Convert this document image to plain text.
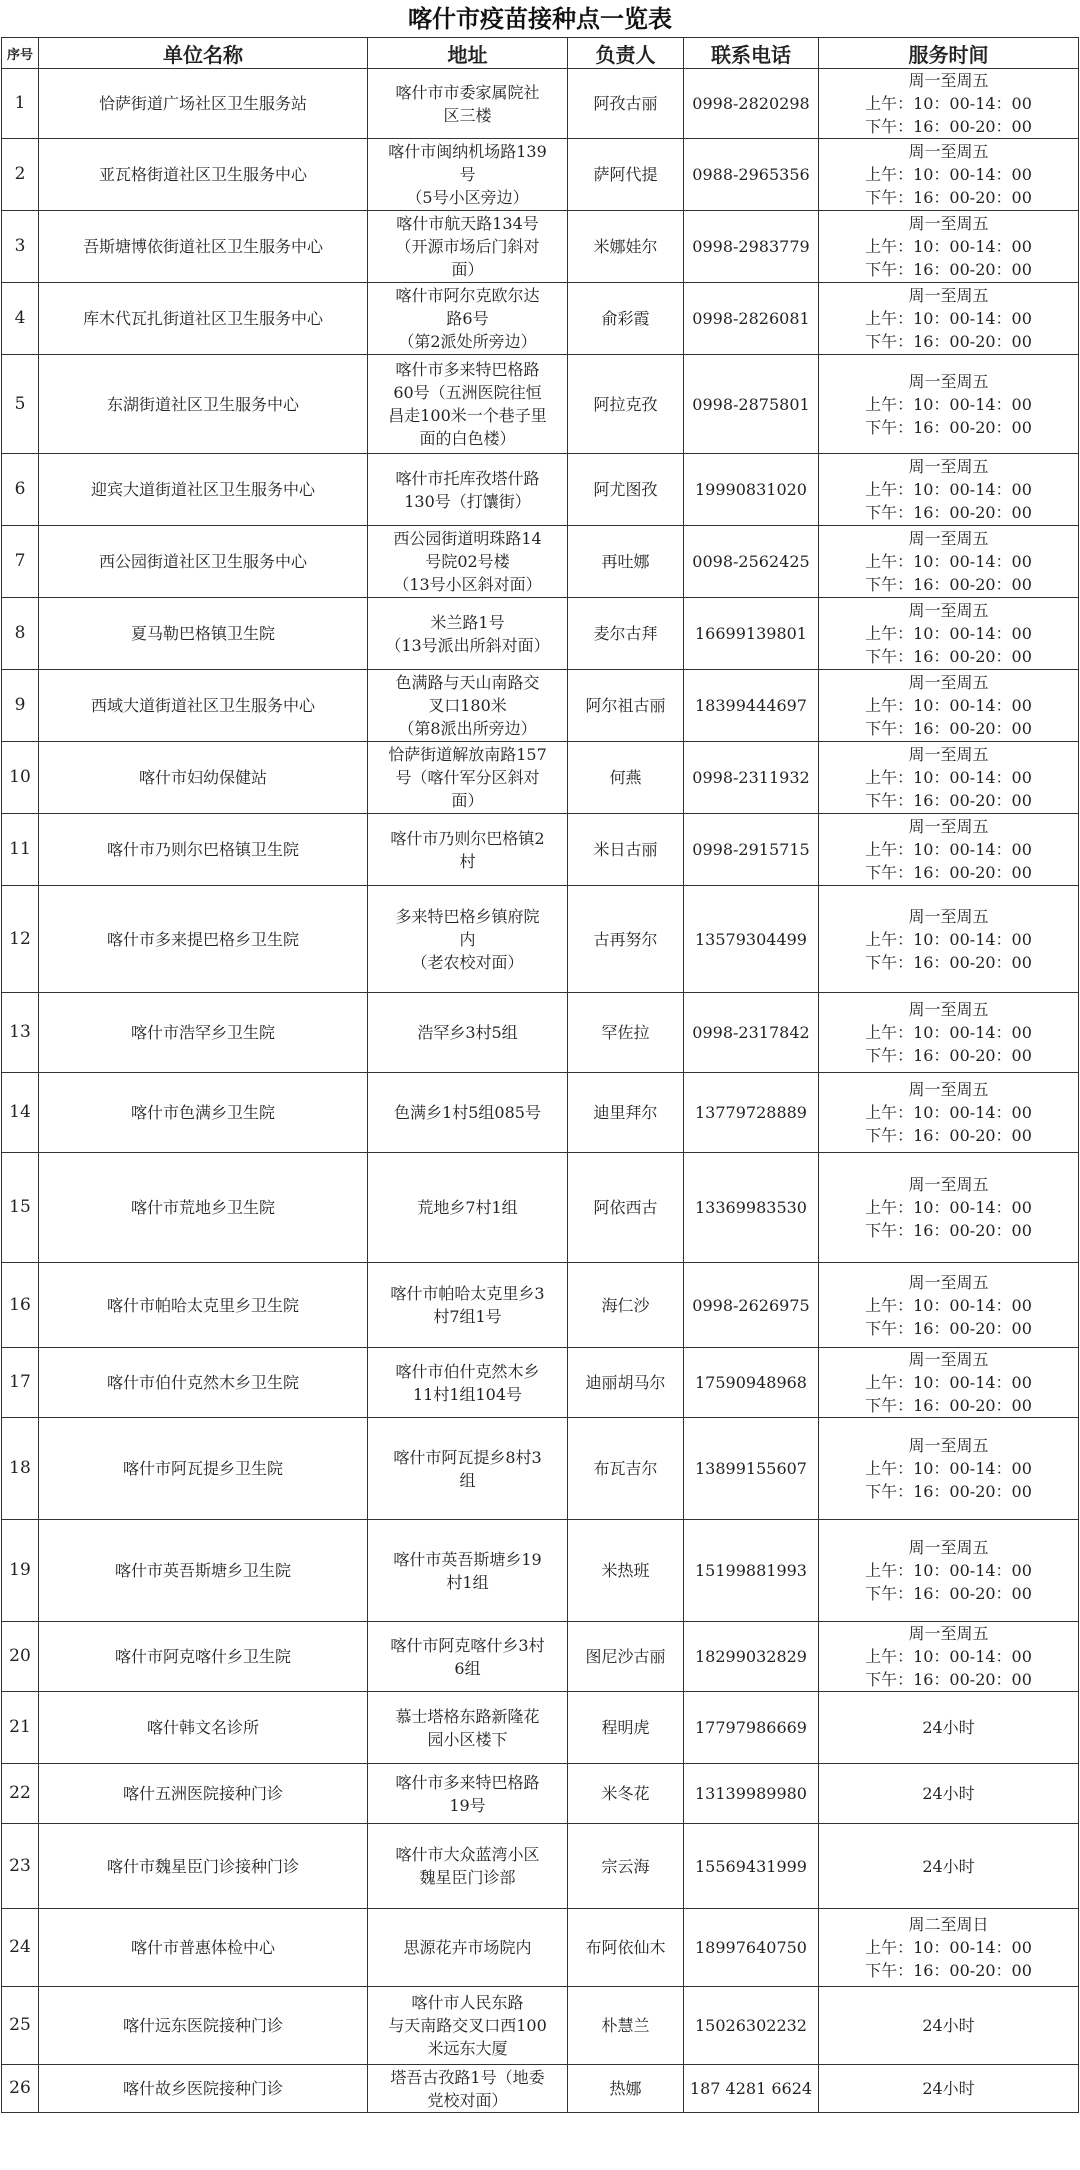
喀什市疫苗接种点一览表
序号	单位名称	地址	负责人	联系电话	服务时间
1	恰萨街道广场社区卫生服务站	喀什市市委家属院社
区三楼	阿孜古丽	0998-2820298	周一至周五
上午：10：00-14：00
下午：16：00-20：00

2	亚瓦格街道社区卫生服务中心	喀什市闽纳机场路139
号
（5号小区旁边）	萨阿代提	0988-2965356	周一至周五
上午：10：00-14：00
下午：16：00-20：00

3	吾斯塘博依街道社区卫生服务中心	喀什市航天路134号
（开源市场后门斜对
面）	米娜娃尔	0998-2983779	周一至周五
上午：10：00-14：00
下午：16：00-20：00

4	库木代瓦扎街道社区卫生服务中心	喀什市阿尔克欧尔达
路6号
（第2派处所旁边）	俞彩霞	0998-2826081	周一至周五
上午：10：00-14：00
下午：16：00-20：00

5	东湖街道社区卫生服务中心	喀什市多来特巴格路
60号（五洲医院往恒
昌走100米一个巷子里
面的白色楼）	阿拉克孜	0998-2875801	周一至周五
上午：10：00-14：00
下午：16：00-20：00

6	迎宾大道街道社区卫生服务中心	喀什市托库孜塔什路
130号（打馕街）	阿尤图孜	19990831020	周一至周五
上午：10：00-14：00
下午：16：00-20：00

7	西公园街道社区卫生服务中心	西公园街道明珠路14
号院02号楼
（13号小区斜对面）	再吐娜	0098-2562425	周一至周五
上午：10：00-14：00
下午：16：00-20：00

8	夏马勒巴格镇卫生院	米兰路1号
（13号派出所斜对面）	麦尔古拜	16699139801	周一至周五
上午：10：00-14：00
下午：16：00-20：00

9	西域大道街道社区卫生服务中心	色满路与天山南路交
叉口180米
（第8派出所旁边）	阿尔祖古丽	18399444697	周一至周五
上午：10：00-14：00
下午：16：00-20：00

10	喀什市妇幼保健站	恰萨街道解放南路157
号（喀什军分区斜对
面）	何燕	0998-2311932	周一至周五
上午：10：00-14：00
下午：16：00-20：00

11	喀什市乃则尔巴格镇卫生院	喀什市乃则尔巴格镇2
村	米日古丽	0998-2915715	周一至周五
上午：10：00-14：00
下午：16：00-20：00

12	喀什市多来提巴格乡卫生院	多来特巴格乡镇府院
内
（老农校对面）	古再努尔	13579304499	周一至周五
上午：10：00-14：00
下午：16：00-20：00

13	喀什市浩罕乡卫生院	浩罕乡3村5组	罕佐拉	0998-2317842	周一至周五
上午：10：00-14：00
下午：16：00-20：00

14	喀什市色满乡卫生院	色满乡1村5组085号	迪里拜尔	13779728889	周一至周五
上午：10：00-14：00
下午：16：00-20：00

15	喀什市荒地乡卫生院	荒地乡7村1组	阿依西古	13369983530	周一至周五
上午：10：00-14：00
下午：16：00-20：00

16	喀什市帕哈太克里乡卫生院	喀什市帕哈太克里乡3
村7组1号	海仁沙	0998-2626975	周一至周五
上午：10：00-14：00
下午：16：00-20：00

17	喀什市伯什克然木乡卫生院	喀什市伯什克然木乡
11村1组104号	迪丽胡马尔	17590948968	周一至周五
上午：10：00-14：00
下午：16：00-20：00

18	喀什市阿瓦提乡卫生院	喀什市阿瓦提乡8村3
组	布瓦吉尔	13899155607	周一至周五
上午：10：00-14：00
下午：16：00-20：00

19	喀什市英吾斯塘乡卫生院	喀什市英吾斯塘乡19
村1组	米热班	15199881993	周一至周五
上午：10：00-14：00
下午：16：00-20：00

20	喀什市阿克喀什乡卫生院	喀什市阿克喀什乡3村
6组	图尼沙古丽	18299032829	周一至周五
上午：10：00-14：00
下午：16：00-20：00

21	喀什韩文名诊所	慕士塔格东路新隆花
园小区楼下	程明虎	17797986669	24小时

22	喀什五洲医院接种门诊	喀什市多来特巴格路
19号	米冬花	13139989980	24小时

23	喀什市魏星臣门诊接种门诊	喀什市大众蓝湾小区
魏星臣门诊部	宗云海	15569431999	24小时

24	喀什市普惠体检中心	思源花卉市场院内	布阿依仙木	18997640750	周二至周日
上午：10：00-14：00
下午：16：00-20：00

25	喀什远东医院接种门诊	喀什市人民东路
与天南路交叉口西100
米远东大厦	朴慧兰	15026302232	24小时

26	喀什故乡医院接种门诊	塔吾古孜路1号（地委
党校对面）	热娜	187 4281 6624	24小时
